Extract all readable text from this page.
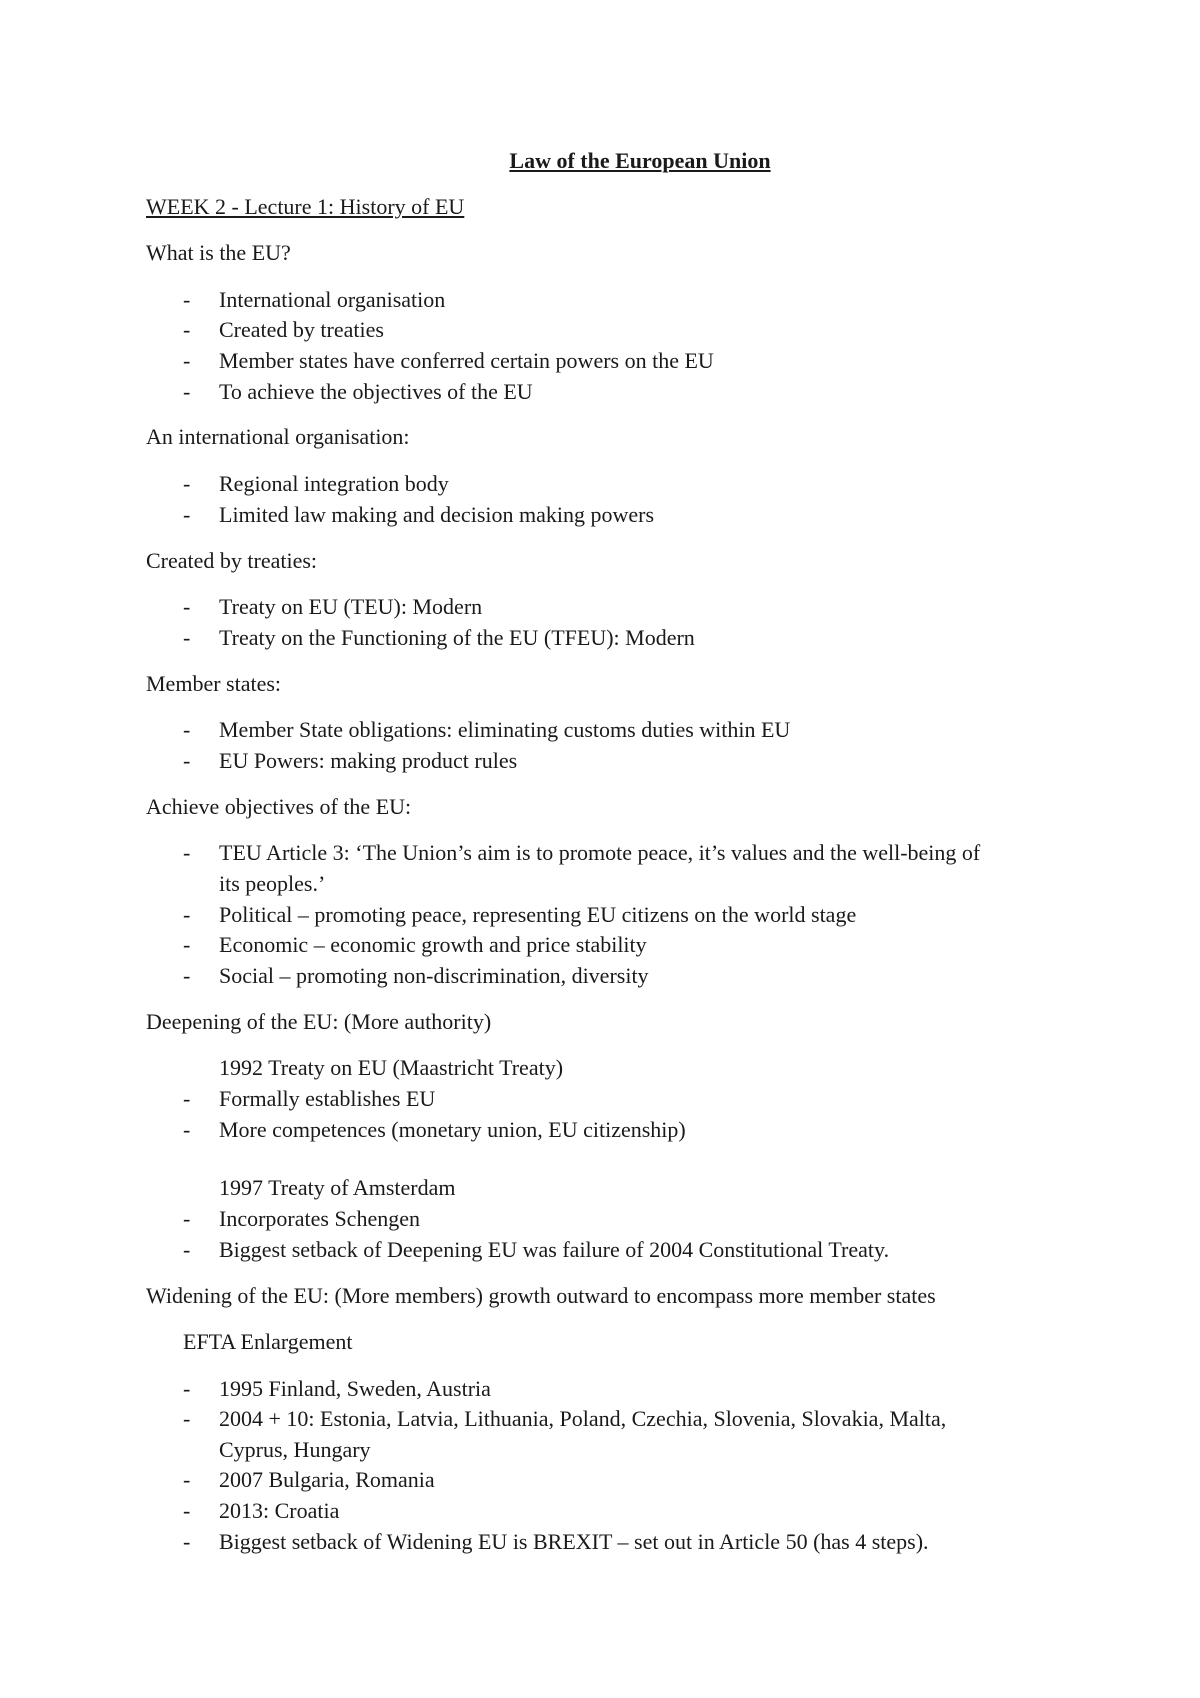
Law of the European Union
WEEK 2 - Lecture 1: History of EU
What is the EU?
- International organisation
- Created by treaties
- Member states have conferred certain powers on the EU
- To achieve the objectives of the EU
An international organisation:
- Regional integration body
- Limited law making and decision making powers
Created by treaties:
- Treaty on EU (TEU): Modern
- Treaty on the Functioning of the EU (TFEU): Modern
Member states:
- Member State obligations: eliminating customs duties within EU
- EU Powers: making product rules
Achieve objectives of the EU:
- TEU Article 3: ‘The Union’s aim is to promote peace, it’s values and the well-being of
its peoples.’
- Political – promoting peace, representing EU citizens on the world stage
- Economic – economic growth and price stability
- Social – promoting non-discrimination, diversity
Deepening of the EU: (More authority)
1992 Treaty on EU (Maastricht Treaty)
- Formally establishes EU
- More competences (monetary union, EU citizenship)
1997 Treaty of Amsterdam
- Incorporates Schengen
- Biggest setback of Deepening EU was failure of 2004 Constitutional Treaty.
Widening of the EU: (More members) growth outward to encompass more member states
EFTA Enlargement
- 1995 Finland, Sweden, Austria
- 2004 + 10: Estonia, Latvia, Lithuania, Poland, Czechia, Slovenia, Slovakia, Malta,
Cyprus, Hungary
- 2007 Bulgaria, Romania
- 2013: Croatia
- Biggest setback of Widening EU is BREXIT – set out in Article 50 (has 4 steps).
